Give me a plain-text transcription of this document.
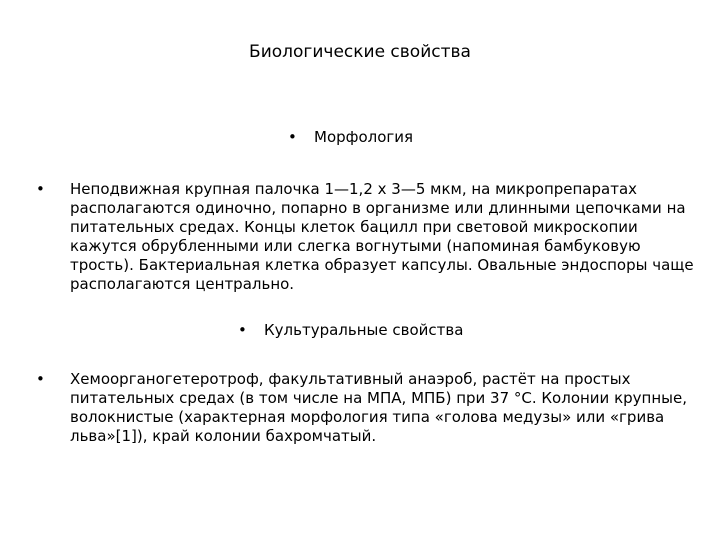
Биологические свойства
• Морфология
• Неподвижная крупная палочка 1—1,2 х 3—5 мкм, на микропрепаратах располагаются одиночно, попарно в организме или длинными цепочками на питательных средах. Концы клеток бацилл при световой микроскопии кажутся обрубленными или слегка вогнутыми (напоминая бамбуковую трость). Бактериальная клетка образует капсулы. Овальные эндоспоры чаще располагаются центрально.
• Культуральные свойства
• Хемоорганогетеротроф, факультативный анаэроб, растёт на простых питательных средах (в том числе на МПА, МПБ) при 37 °C. Колонии крупные, волокнистые (характерная морфология типа «голова медузы» или «грива льва»[1]), край колонии бахромчатый.
